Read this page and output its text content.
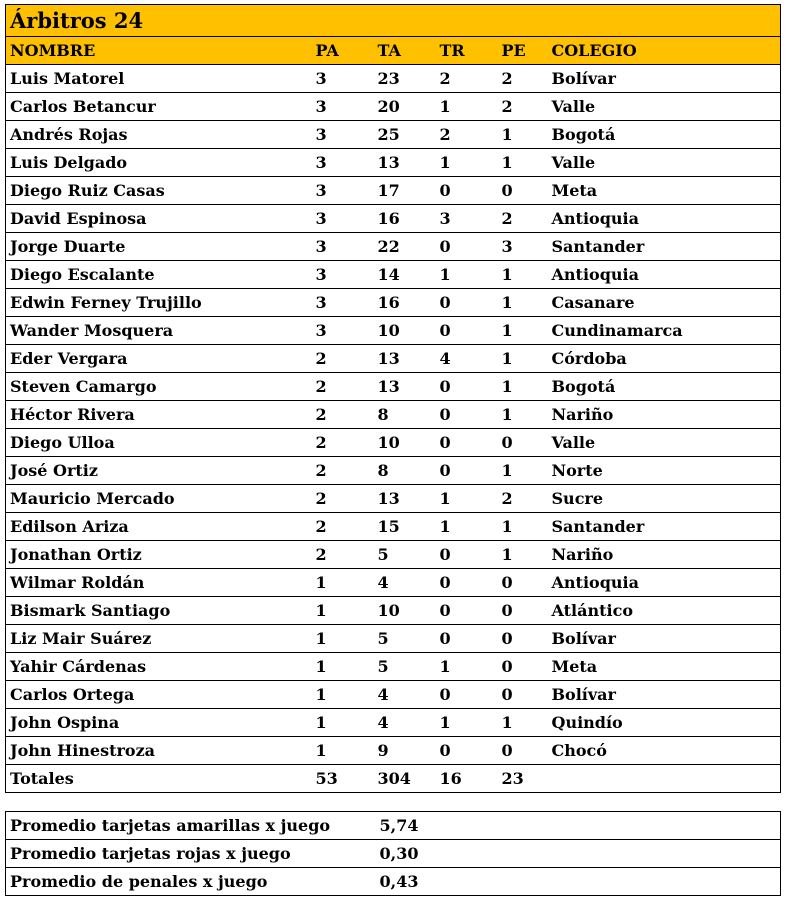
Árbitros 24					
NOMBRE	PA	TA	TR	PE	COLEGIO
Luis Matorel	3	23	2	2	Bolívar
Carlos Betancur	3	20	1	2	Valle
Andrés Rojas	3	25	2	1	Bogotá
Luis Delgado	3	13	1	1	Valle
Diego Ruiz Casas	3	17	0	0	Meta
David Espinosa	3	16	3	2	Antioquia
Jorge Duarte	3	22	0	3	Santander
Diego Escalante	3	14	1	1	Antioquia
Edwin Ferney Trujillo	3	16	0	1	Casanare
Wander Mosquera	3	10	0	1	Cundinamarca
Eder Vergara	2	13	4	1	Córdoba
Steven Camargo	2	13	0	1	Bogotá
Héctor Rivera	2	8	0	1	Nariño
Diego Ulloa	2	10	0	0	Valle
José Ortiz	2	8	0	1	Norte
Mauricio Mercado	2	13	1	2	Sucre
Edilson Ariza	2	15	1	1	Santander
Jonathan Ortiz	2	5	0	1	Nariño
Wilmar Roldán	1	4	0	0	Antioquia
Bismark Santiago	1	10	0	0	Atlántico
Liz Mair Suárez	1	5	0	0	Bolívar
Yahir Cárdenas	1	5	1	0	Meta
Carlos Ortega	1	4	0	0	Bolívar
John Ospina	1	4	1	1	Quindío
John Hinestroza	1	9	0	0	Chocó
Totales	53	304	16	23	
Promedio tarjetas amarillas x juego	5,74
Promedio tarjetas rojas x juego	0,30
Promedio de penales x juego	0,43
